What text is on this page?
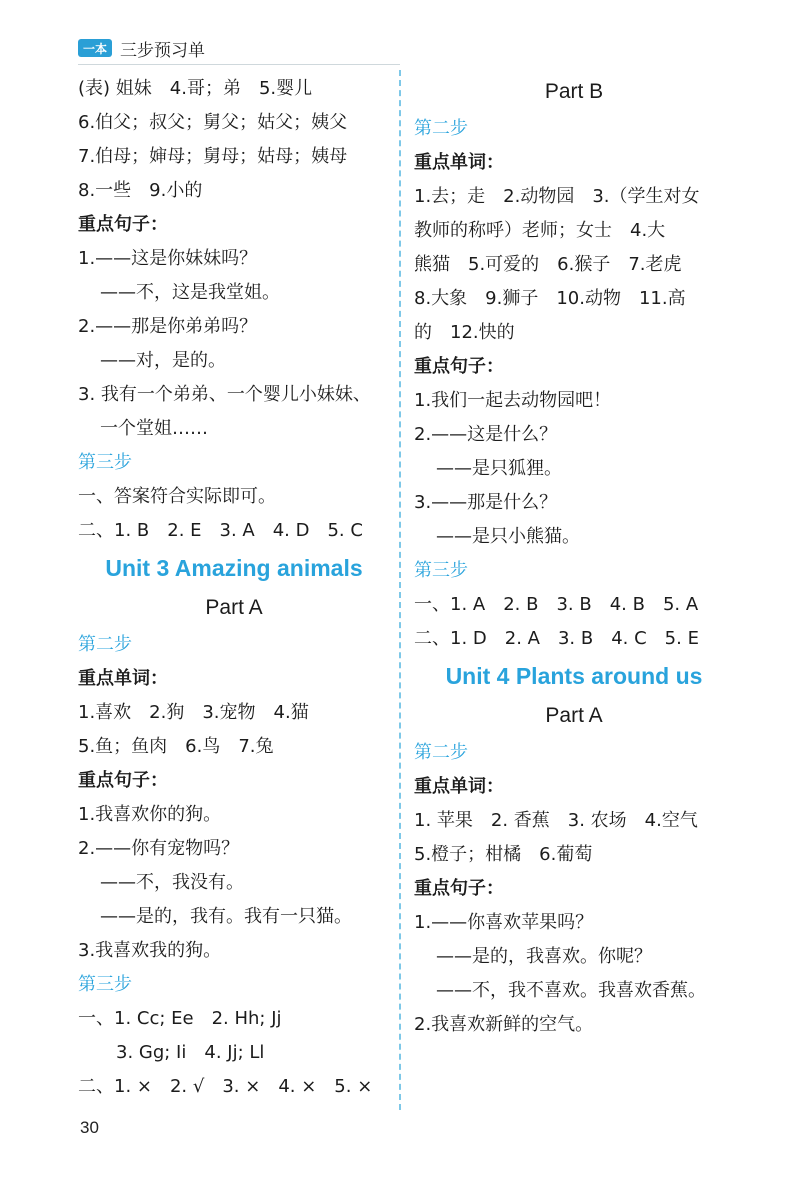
一本 三步预习单
(表) 姐妹　4.哥；弟　5.婴儿
6.伯父；叔父；舅父；姑父；姨父
7.伯母；婶母；舅母；姑母；姨母
8.一些　9.小的
重点句子：
1.——这是你妹妹吗？
——不，这是我堂姐。
2.——那是你弟弟吗？
——对，是的。
3. 我有一个弟弟、一个婴儿小妹妹、
一个堂姐……
第三步
一、答案符合实际即可。
二、1. B　2. E　3. A　4. D　5. C
Unit 3 Amazing animals
Part A
第二步
重点单词：
1.喜欢　2.狗　3.宠物　4.猫
5.鱼；鱼肉　6.鸟　7.兔
重点句子：
1.我喜欢你的狗。
2.——你有宠物吗？
——不，我没有。
——是的，我有。我有一只猫。
3.我喜欢我的狗。
第三步
一、1. Cc; Ee　2. Hh; Jj
3. Gg; Ii　4. Jj; Ll
二、1. ×　2. √　3. ×　4. ×　5. ×
Part B
第二步
重点单词：
1.去；走　2.动物园　3.（学生对女
教师的称呼）老师；女士　4.大
熊猫　5.可爱的　6.猴子　7.老虎
8.大象　9.狮子　10.动物　11.高
的　12.快的
重点句子：
1.我们一起去动物园吧！
2.——这是什么？
——是只狐狸。
3.——那是什么？
——是只小熊猫。
第三步
一、1. A　2. B　3. B　4. B　5. A
二、1. D　2. A　3. B　4. C　5. E
Unit 4 Plants around us
Part A
第二步
重点单词：
1. 苹果　2. 香蕉　3. 农场　4.空气
5.橙子；柑橘　6.葡萄
重点句子：
1.——你喜欢苹果吗？
——是的，我喜欢。你呢？
——不，我不喜欢。我喜欢香蕉。
2.我喜欢新鲜的空气。
30
